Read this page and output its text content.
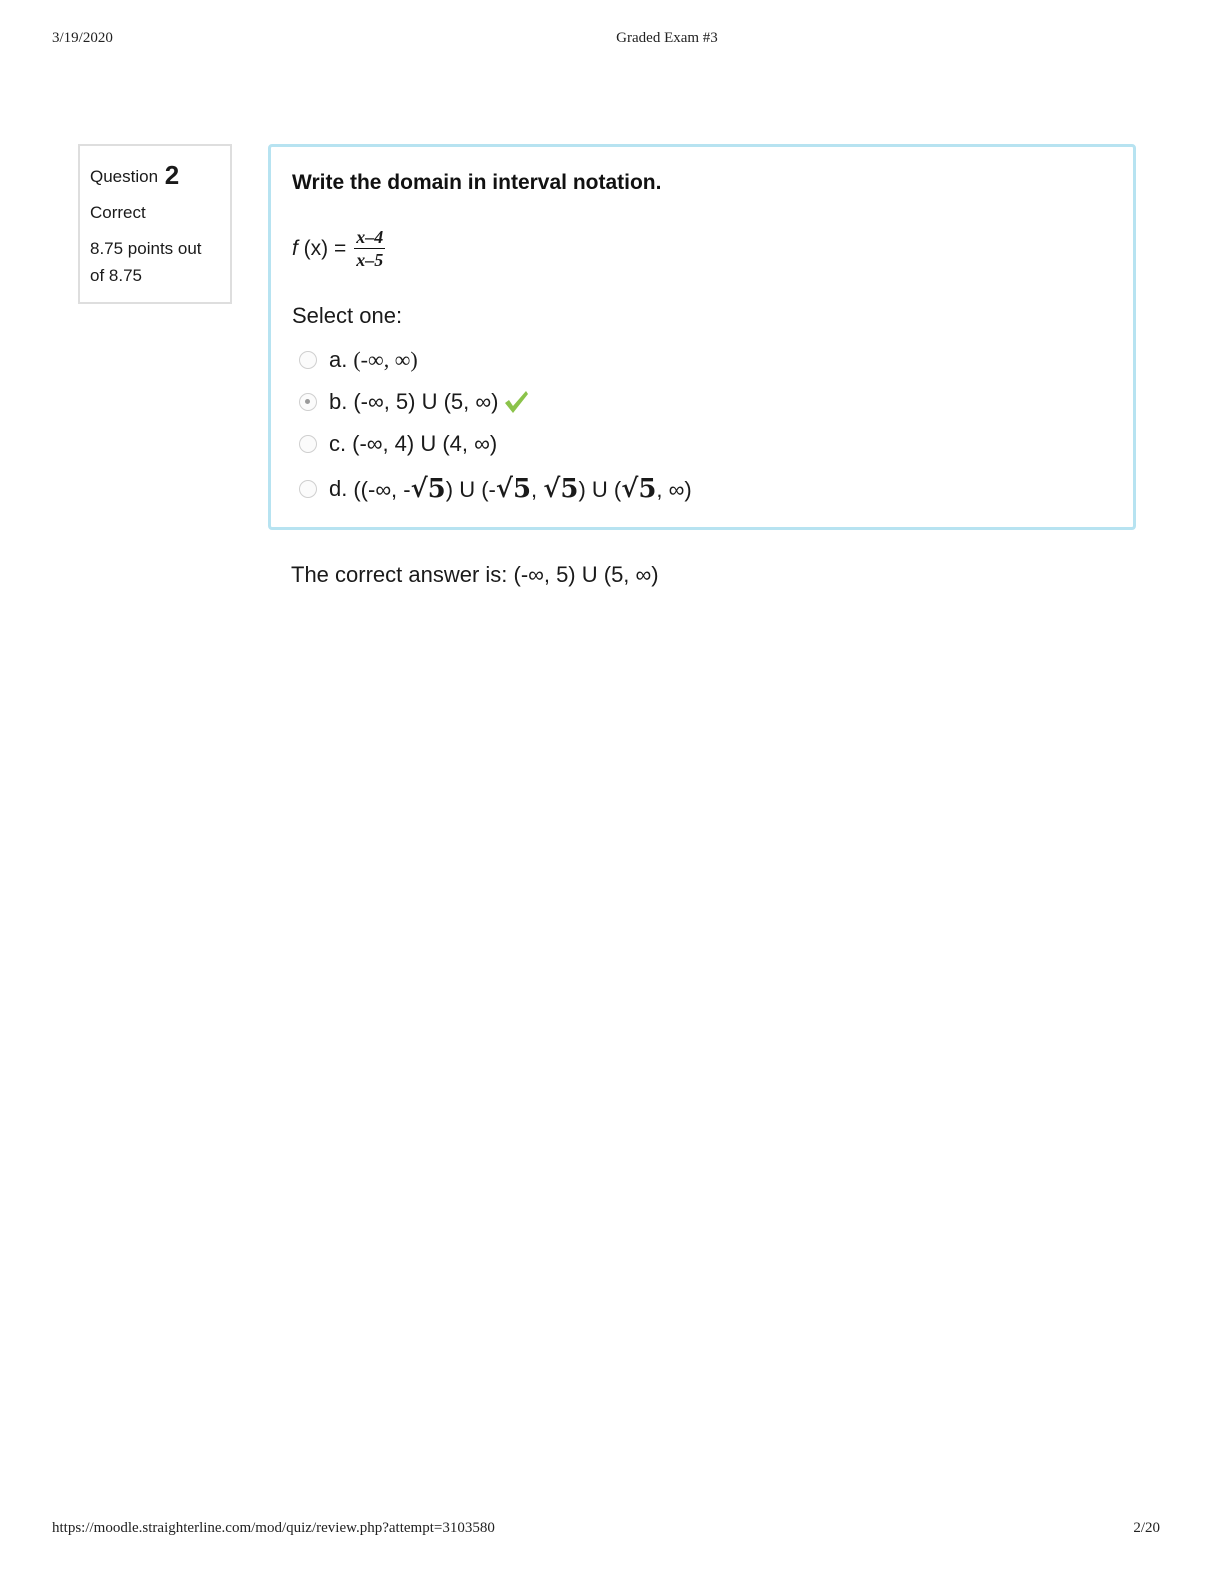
3/19/2020	Graded Exam #3
Question 2
Correct
8.75 points out
of 8.75
Write the domain in interval notation.
f $(x) = \frac{x-4}{x-5}$
Select one:
a. (-∞, ∞)
b. (-∞, 5) U (5, ∞)
c. (-∞, 4) U (4, ∞)
d. ((-∞, -√5) U (-√5, √5) U (√5, ∞)
The correct answer is: (-∞, 5) U (5, ∞)
https://moodle.straighterline.com/mod/quiz/review.php?attempt=3103580	2/20
